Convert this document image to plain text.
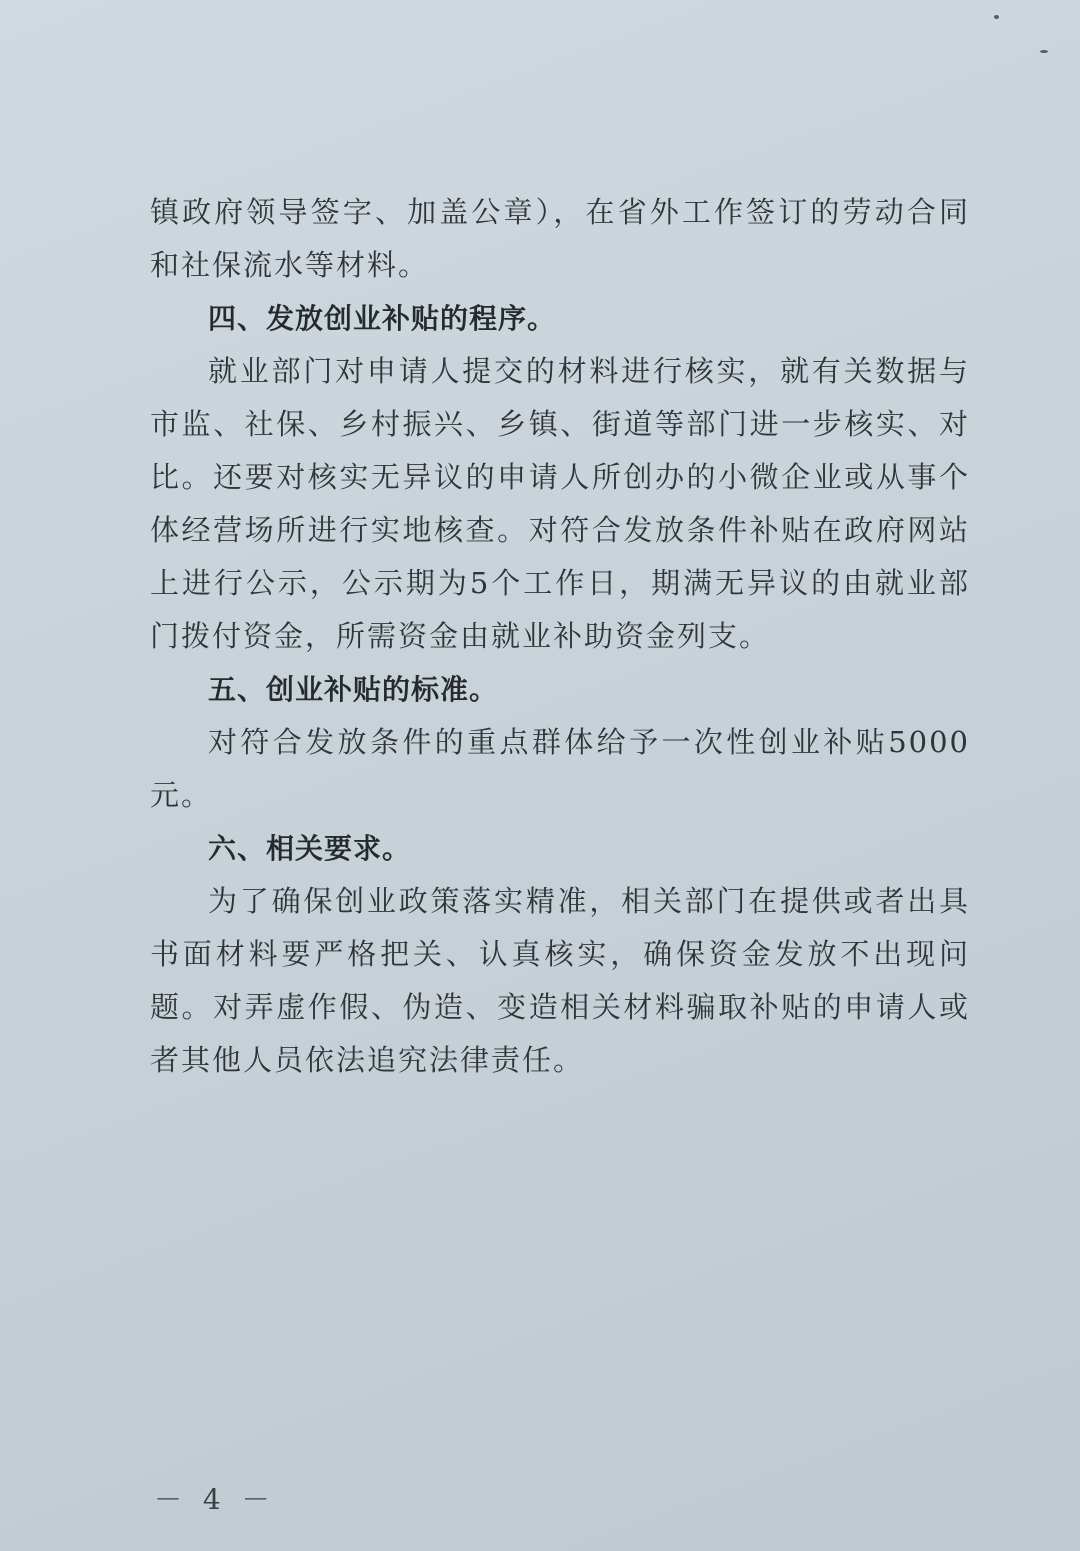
镇政府领导签字、加盖公章），在省外工作签订的劳动合同和社保流水等材料。

四、发放创业补贴的程序。

就业部门对申请人提交的材料进行核实，就有关数据与市监、社保、乡村振兴、乡镇、街道等部门进一步核实、对比。还要对核实无异议的申请人所创办的小微企业或从事个体经营场所进行实地核查。对符合发放条件补贴在政府网站上进行公示，公示期为5个工作日，期满无异议的由就业部门拨付资金，所需资金由就业补助资金列支。

五、创业补贴的标准。

对符合发放条件的重点群体给予一次性创业补贴5000元。

六、相关要求。

为了确保创业政策落实精准，相关部门在提供或者出具书面材料要严格把关、认真核实，确保资金发放不出现问题。对弄虚作假、伪造、变造相关材料骗取补贴的申请人或者其他人员依法追究法律责任。

－ 4 －
